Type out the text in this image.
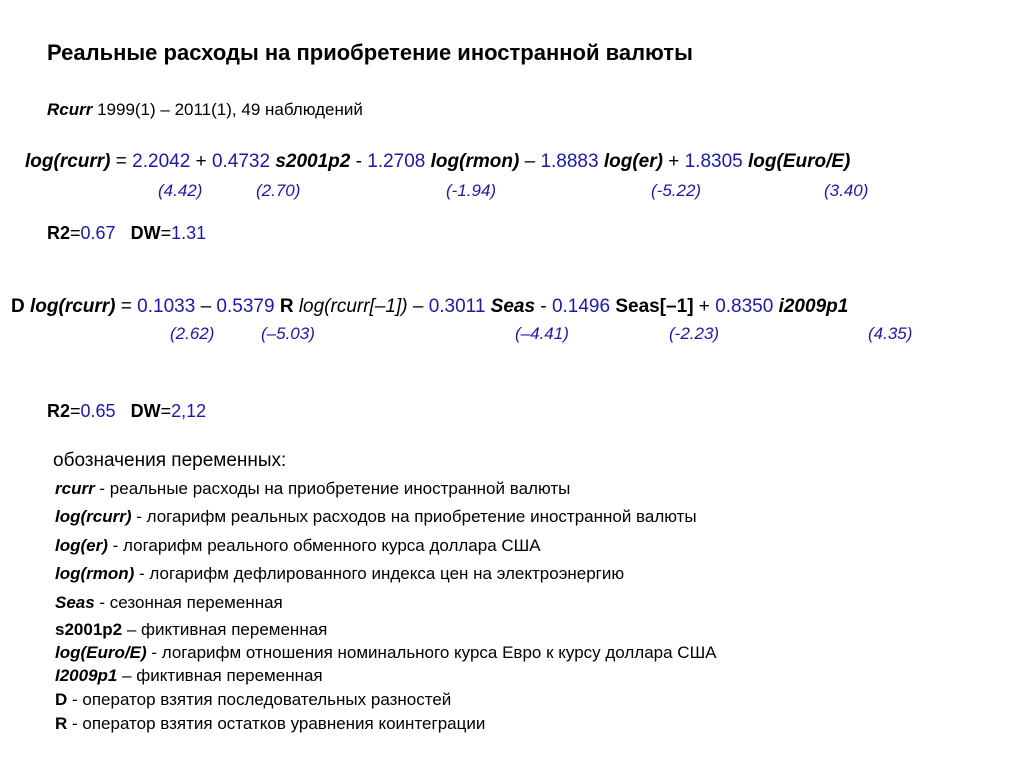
Реальные расходы на приобретение иностранной валюты
Rcurr 1999(1) – 2011(1), 49 наблюдений
log(rcurr) = 2.2042 + 0.4732 s2001p2 - 1.2708 log(rmon) – 1.8883 log(er) + 1.8305 log(Euro/E)
(4.42)	(2.70)	(-1.94)	(-5.22)	(3.40)
R2=0.67 DW=1.31
D log(rcurr) = 0.1033 – 0.5379 R log(rcurr[–1]) – 0.3011 Seas - 0.1496 Seas[–1] + 0.8350 i2009p1
(2.62)	(–5.03)	(–4.41)	(-2.23)	(4.35)
R2=0.65 DW=2,12
обозначения переменных:
rcurr - реальные расходы на приобретение иностранной валюты
log(rcurr) - логарифм реальных расходов на приобретение иностранной валюты
log(er) - логарифм реального обменного курса доллара США
log(rmon) - логарифм дефлированного индекса цен на электроэнергию
Seas - сезонная переменная
s2001p2 – фиктивная переменная
log(Euro/E) - логарифм отношения номинального курса Евро к курсу доллара США
I2009p1 – фиктивная переменная
D - оператор взятия последовательных разностей
R - оператор взятия остатков уравнения коинтеграции
